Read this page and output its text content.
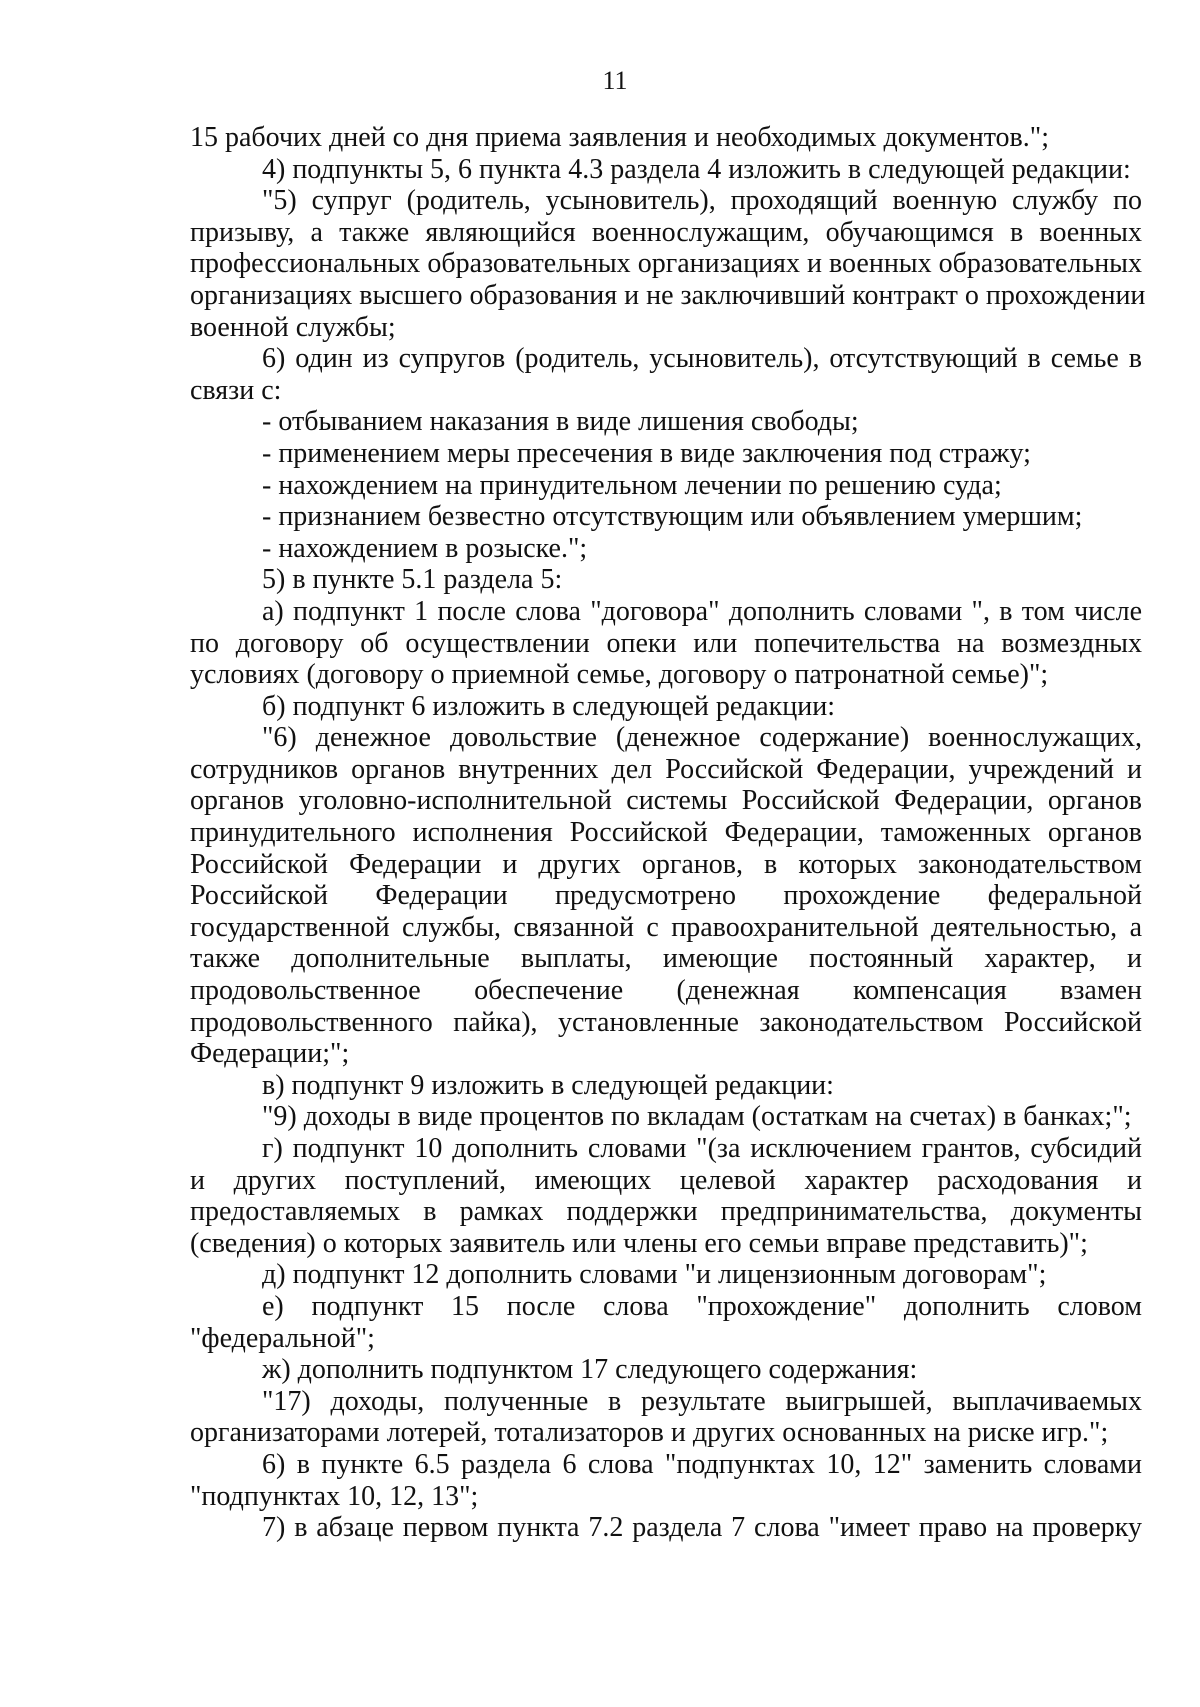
11
15 рабочих дней со дня приема заявления и необходимых документов.";
4) подпункты 5, 6 пункта 4.3 раздела 4 изложить в следующей редакции:
"5) супруг (родитель, усыновитель), проходящий военную службу по
призыву, а также являющийся военнослужащим, обучающимся в военных
профессиональных образовательных организациях и военных образовательных
организациях высшего образования и не заключивший контракт о прохождении
военной службы;
6) один из супругов (родитель, усыновитель), отсутствующий в семье в
связи с:
- отбыванием наказания в виде лишения свободы;
- применением меры пресечения в виде заключения под стражу;
- нахождением на принудительном лечении по решению суда;
- признанием безвестно отсутствующим или объявлением умершим;
- нахождением в розыске.";
5) в пункте 5.1 раздела 5:
а) подпункт 1 после слова "договора" дополнить словами ", в том числе
по договору об осуществлении опеки или попечительства на возмездных
условиях (договору о приемной семье, договору о патронатной семье)";
б) подпункт 6 изложить в следующей редакции:
"6) денежное довольствие (денежное содержание) военнослужащих,
сотрудников органов внутренних дел Российской Федерации, учреждений и
органов уголовно-исполнительной системы Российской Федерации, органов
принудительного исполнения Российской Федерации, таможенных органов
Российской Федерации и других органов, в которых законодательством
Российской Федерации предусмотрено прохождение федеральной
государственной службы, связанной с правоохранительной деятельностью, а
также дополнительные выплаты, имеющие постоянный характер, и
продовольственное обеспечение (денежная компенсация взамен
продовольственного пайка), установленные законодательством Российской
Федерации;";
в) подпункт 9 изложить в следующей редакции:
"9) доходы в виде процентов по вкладам (остаткам на счетах) в банках;";
г) подпункт 10 дополнить словами "(за исключением грантов, субсидий
и других поступлений, имеющих целевой характер расходования и
предоставляемых в рамках поддержки предпринимательства, документы
(сведения) о которых заявитель или члены его семьи вправе представить)";
д) подпункт 12 дополнить словами "и лицензионным договорам";
е) подпункт 15 после слова "прохождение" дополнить словом
"федеральной";
ж) дополнить подпунктом 17 следующего содержания:
"17) доходы, полученные в результате выигрышей, выплачиваемых
организаторами лотерей, тотализаторов и других основанных на риске игр.";
6) в пункте 6.5 раздела 6 слова "подпунктах 10, 12" заменить словами
"подпунктах 10, 12, 13";
7) в абзаце первом пункта 7.2 раздела 7 слова "имеет право на проверку
